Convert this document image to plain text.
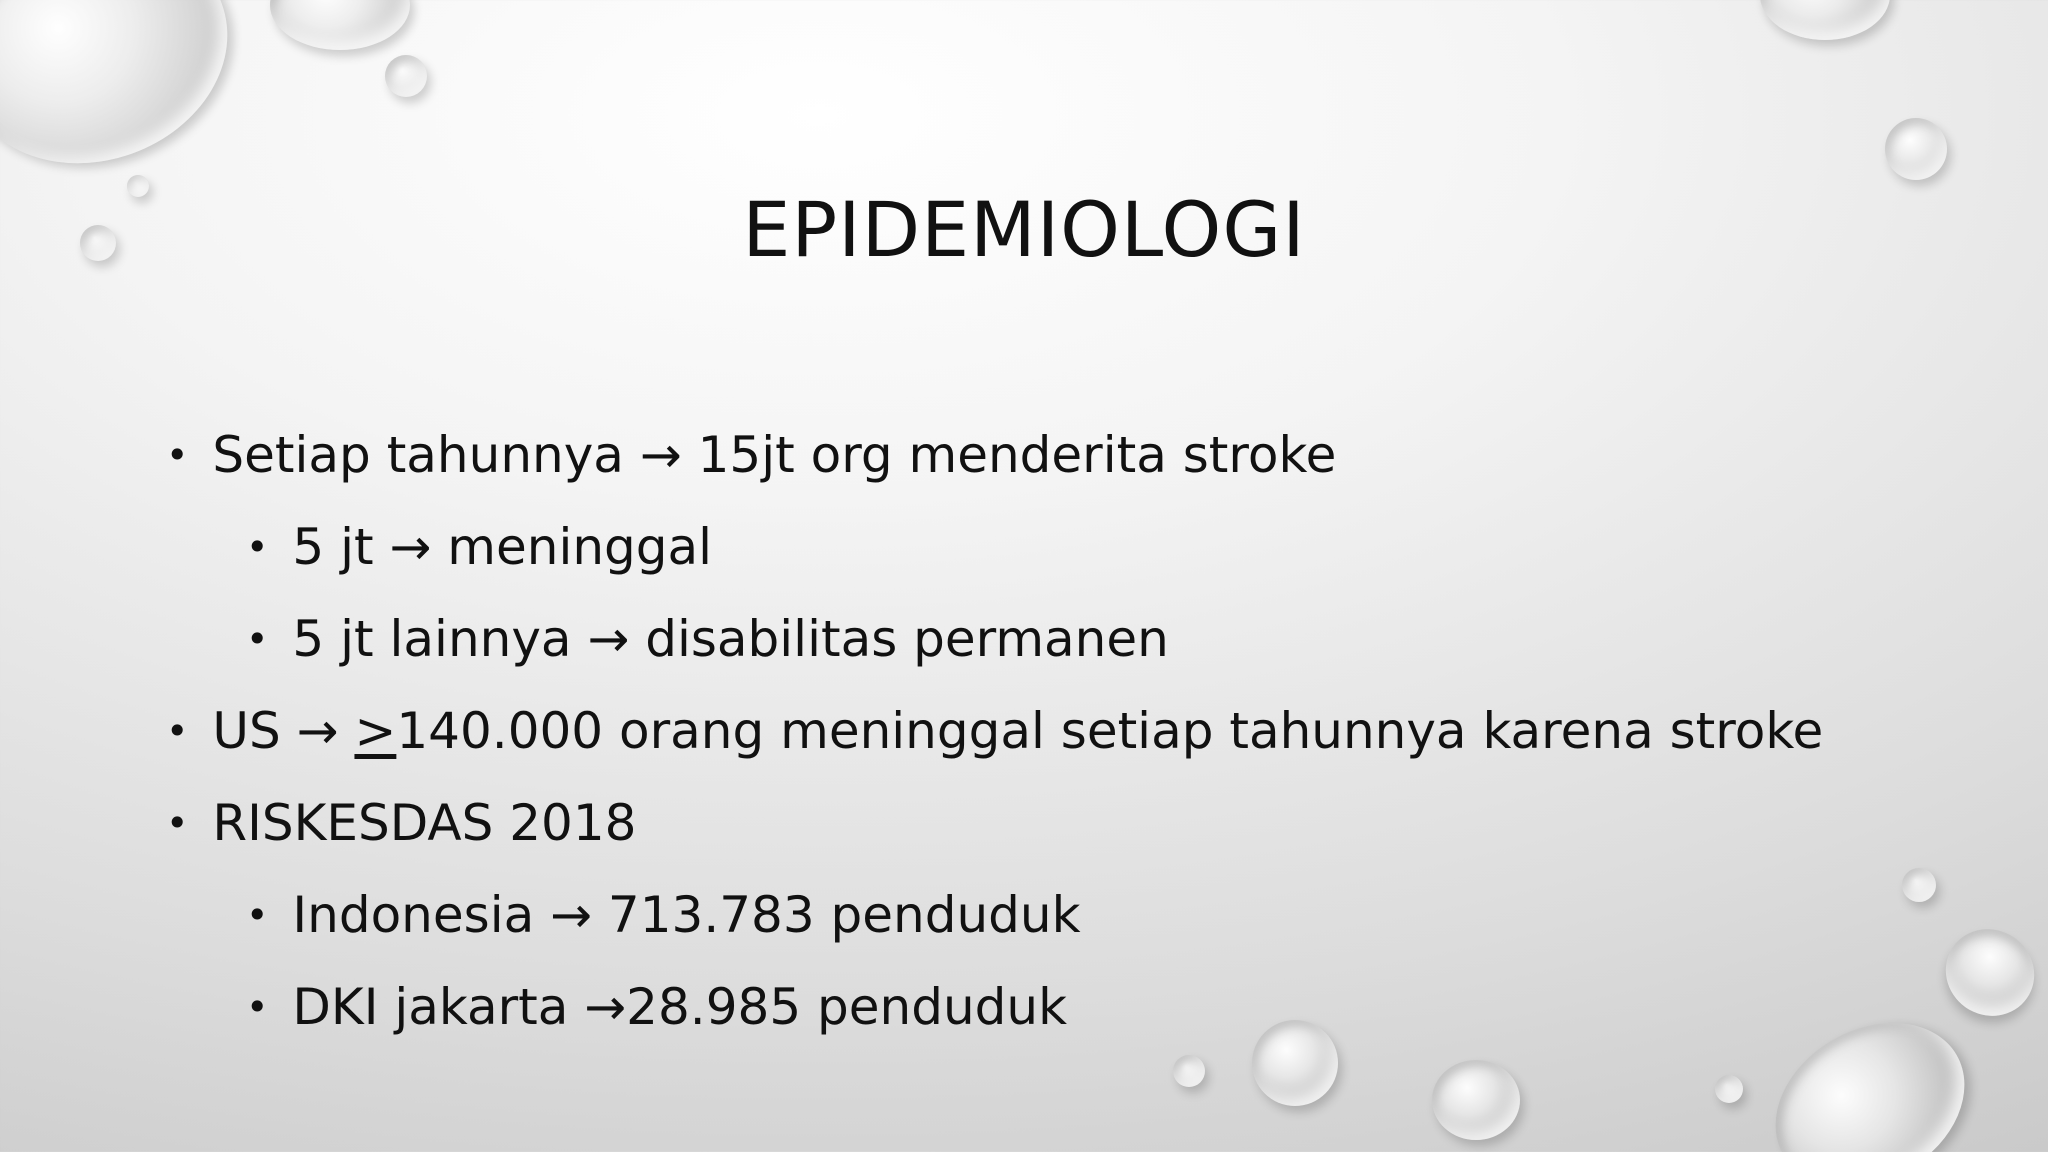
EPIDEMIOLOGI
• Setiap tahunnya → 15jt org menderita stroke
• 5 jt → meninggal
• 5 jt lainnya → disabilitas permanen
• US → ≥140.000 orang meninggal setiap tahunnya karena stroke
• RISKESDAS 2018
• Indonesia → 713.783 penduduk
• DKI jakarta →28.985 penduduk
